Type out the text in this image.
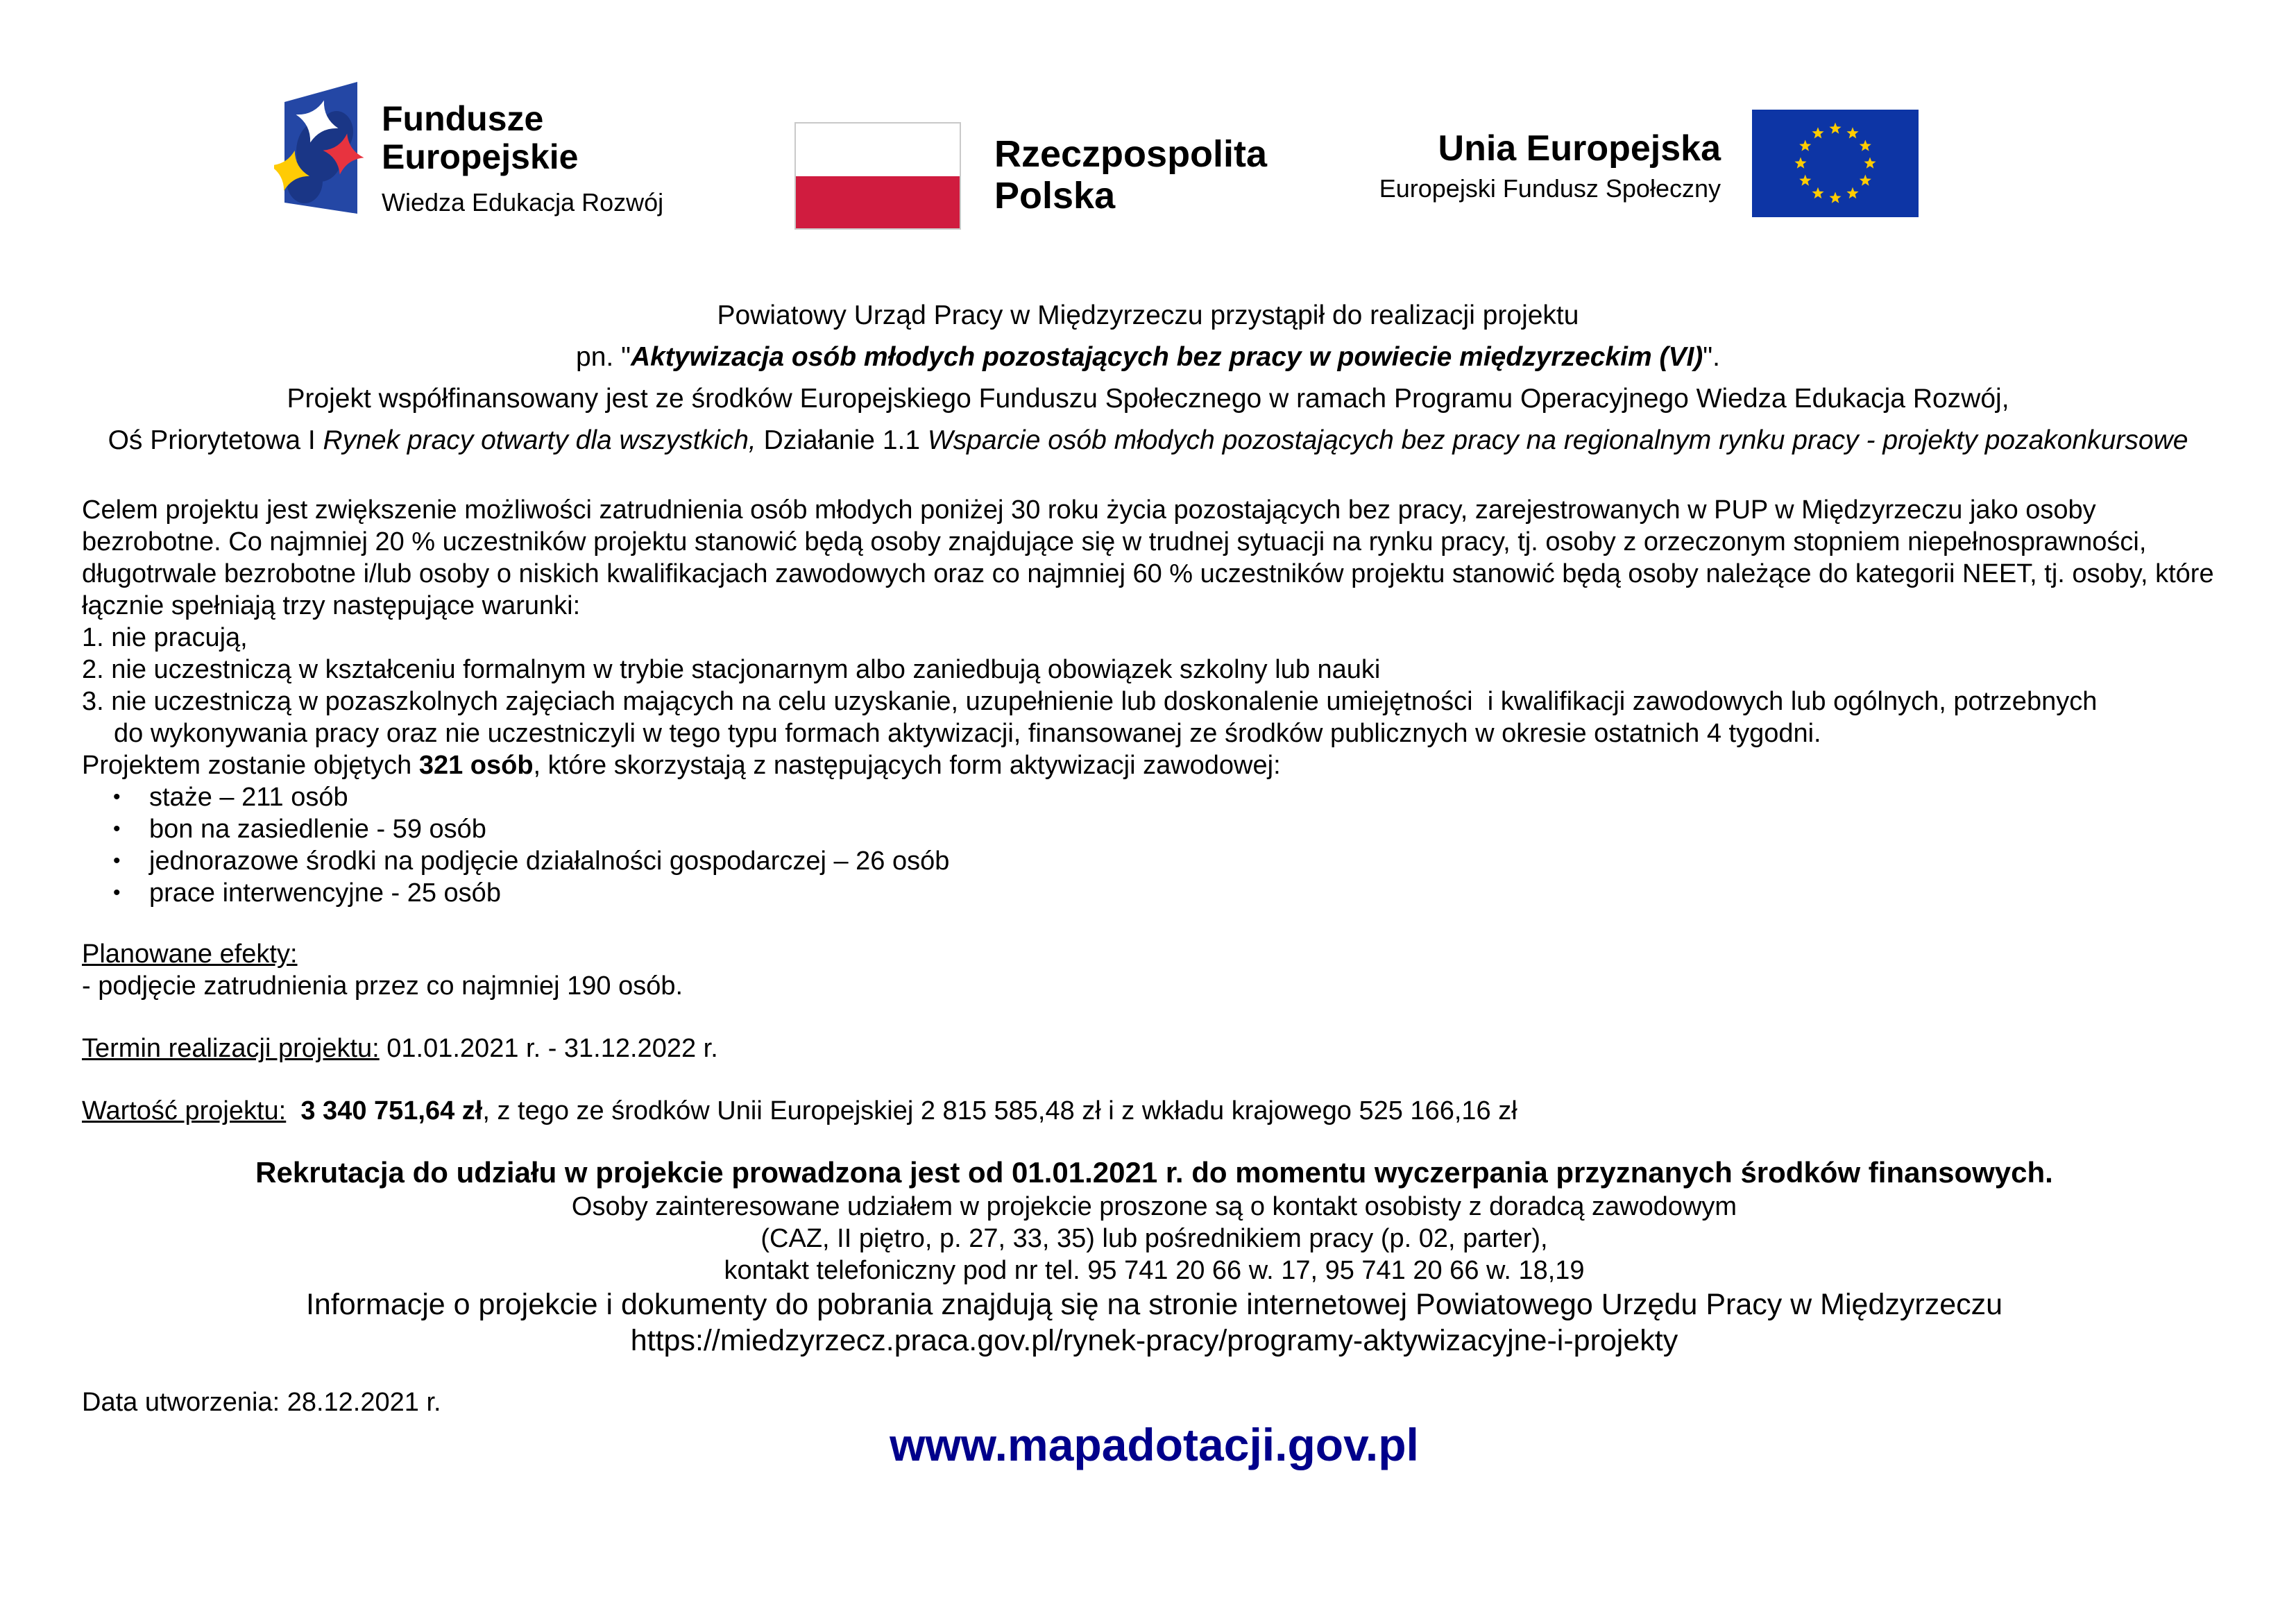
Fundusze
Europejskie
Wiedza Edukacja Rozwój
Rzeczpospolita
Polska
Unia Europejska
Europejski Fundusz Społeczny
Powiatowy Urząd Pracy w Międzyrzeczu przystąpił do realizacji projektu
pn. "Aktywizacja osób młodych pozostających bez pracy w powiecie międzyrzeckim (VI)".
Projekt współfinansowany jest ze środków Europejskiego Funduszu Społecznego w ramach Programu Operacyjnego Wiedza Edukacja Rozwój,
Oś Priorytetowa I Rynek pracy otwarty dla wszystkich, Działanie 1.1 Wsparcie osób młodych pozostających bez pracy na regionalnym rynku pracy - projekty pozakonkursowe
Celem projektu jest zwiększenie możliwości zatrudnienia osób młodych poniżej 30 roku życia pozostających bez pracy, zarejestrowanych w PUP w Międzyrzeczu jako osoby bezrobotne. Co najmniej 20 % uczestników projektu stanowić będą osoby znajdujące się w trudnej sytuacji na rynku pracy, tj. osoby z orzeczonym stopniem niepełnosprawności, długotrwale bezrobotne i/lub osoby o niskich kwalifikacjach zawodowych oraz co najmniej 60 % uczestników projektu stanowić będą osoby należące do kategorii NEET, tj. osoby, które łącznie spełniają trzy następujące warunki:
1. nie pracują,
2. nie uczestniczą w kształceniu formalnym w trybie stacjonarnym albo zaniedbują obowiązek szkolny lub nauki
3. nie uczestniczą w pozaszkolnych zajęciach mających na celu uzyskanie, uzupełnienie lub doskonalenie umiejętności  i kwalifikacji zawodowych lub ogólnych, potrzebnych
do wykonywania pracy oraz nie uczestniczyli w tego typu formach aktywizacji, finansowanej ze środków publicznych w okresie ostatnich 4 tygodni.
Projektem zostanie objętych 321 osób, które skorzystają z następujących form aktywizacji zawodowej:
•	staże – 211 osób
•	bon na zasiedlenie - 59 osób
•	jednorazowe środki na podjęcie działalności gospodarczej – 26 osób
•	prace interwencyjne - 25 osób
Planowane efekty:
- podjęcie zatrudnienia przez co najmniej 190 osób.
Termin realizacji projektu: 01.01.2021 r. - 31.12.2022 r.
Wartość projektu:  3 340 751,64 zł, z tego ze środków Unii Europejskiej 2 815 585,48 zł i z wkładu krajowego 525 166,16 zł
Rekrutacja do udziału w projekcie prowadzona jest od 01.01.2021 r. do momentu wyczerpania przyznanych środków finansowych.
Osoby zainteresowane udziałem w projekcie proszone są o kontakt osobisty z doradcą zawodowym
(CAZ, II piętro, p. 27, 33, 35) lub pośrednikiem pracy (p. 02, parter),
kontakt telefoniczny pod nr tel. 95 741 20 66 w. 17, 95 741 20 66 w. 18,19
Informacje o projekcie i dokumenty do pobrania znajdują się na stronie internetowej Powiatowego Urzędu Pracy w Międzyrzeczu
https://miedzyrzecz.praca.gov.pl/rynek-pracy/programy-aktywizacyjne-i-projekty
Data utworzenia: 28.12.2021 r.
www.mapadotacji.gov.pl
